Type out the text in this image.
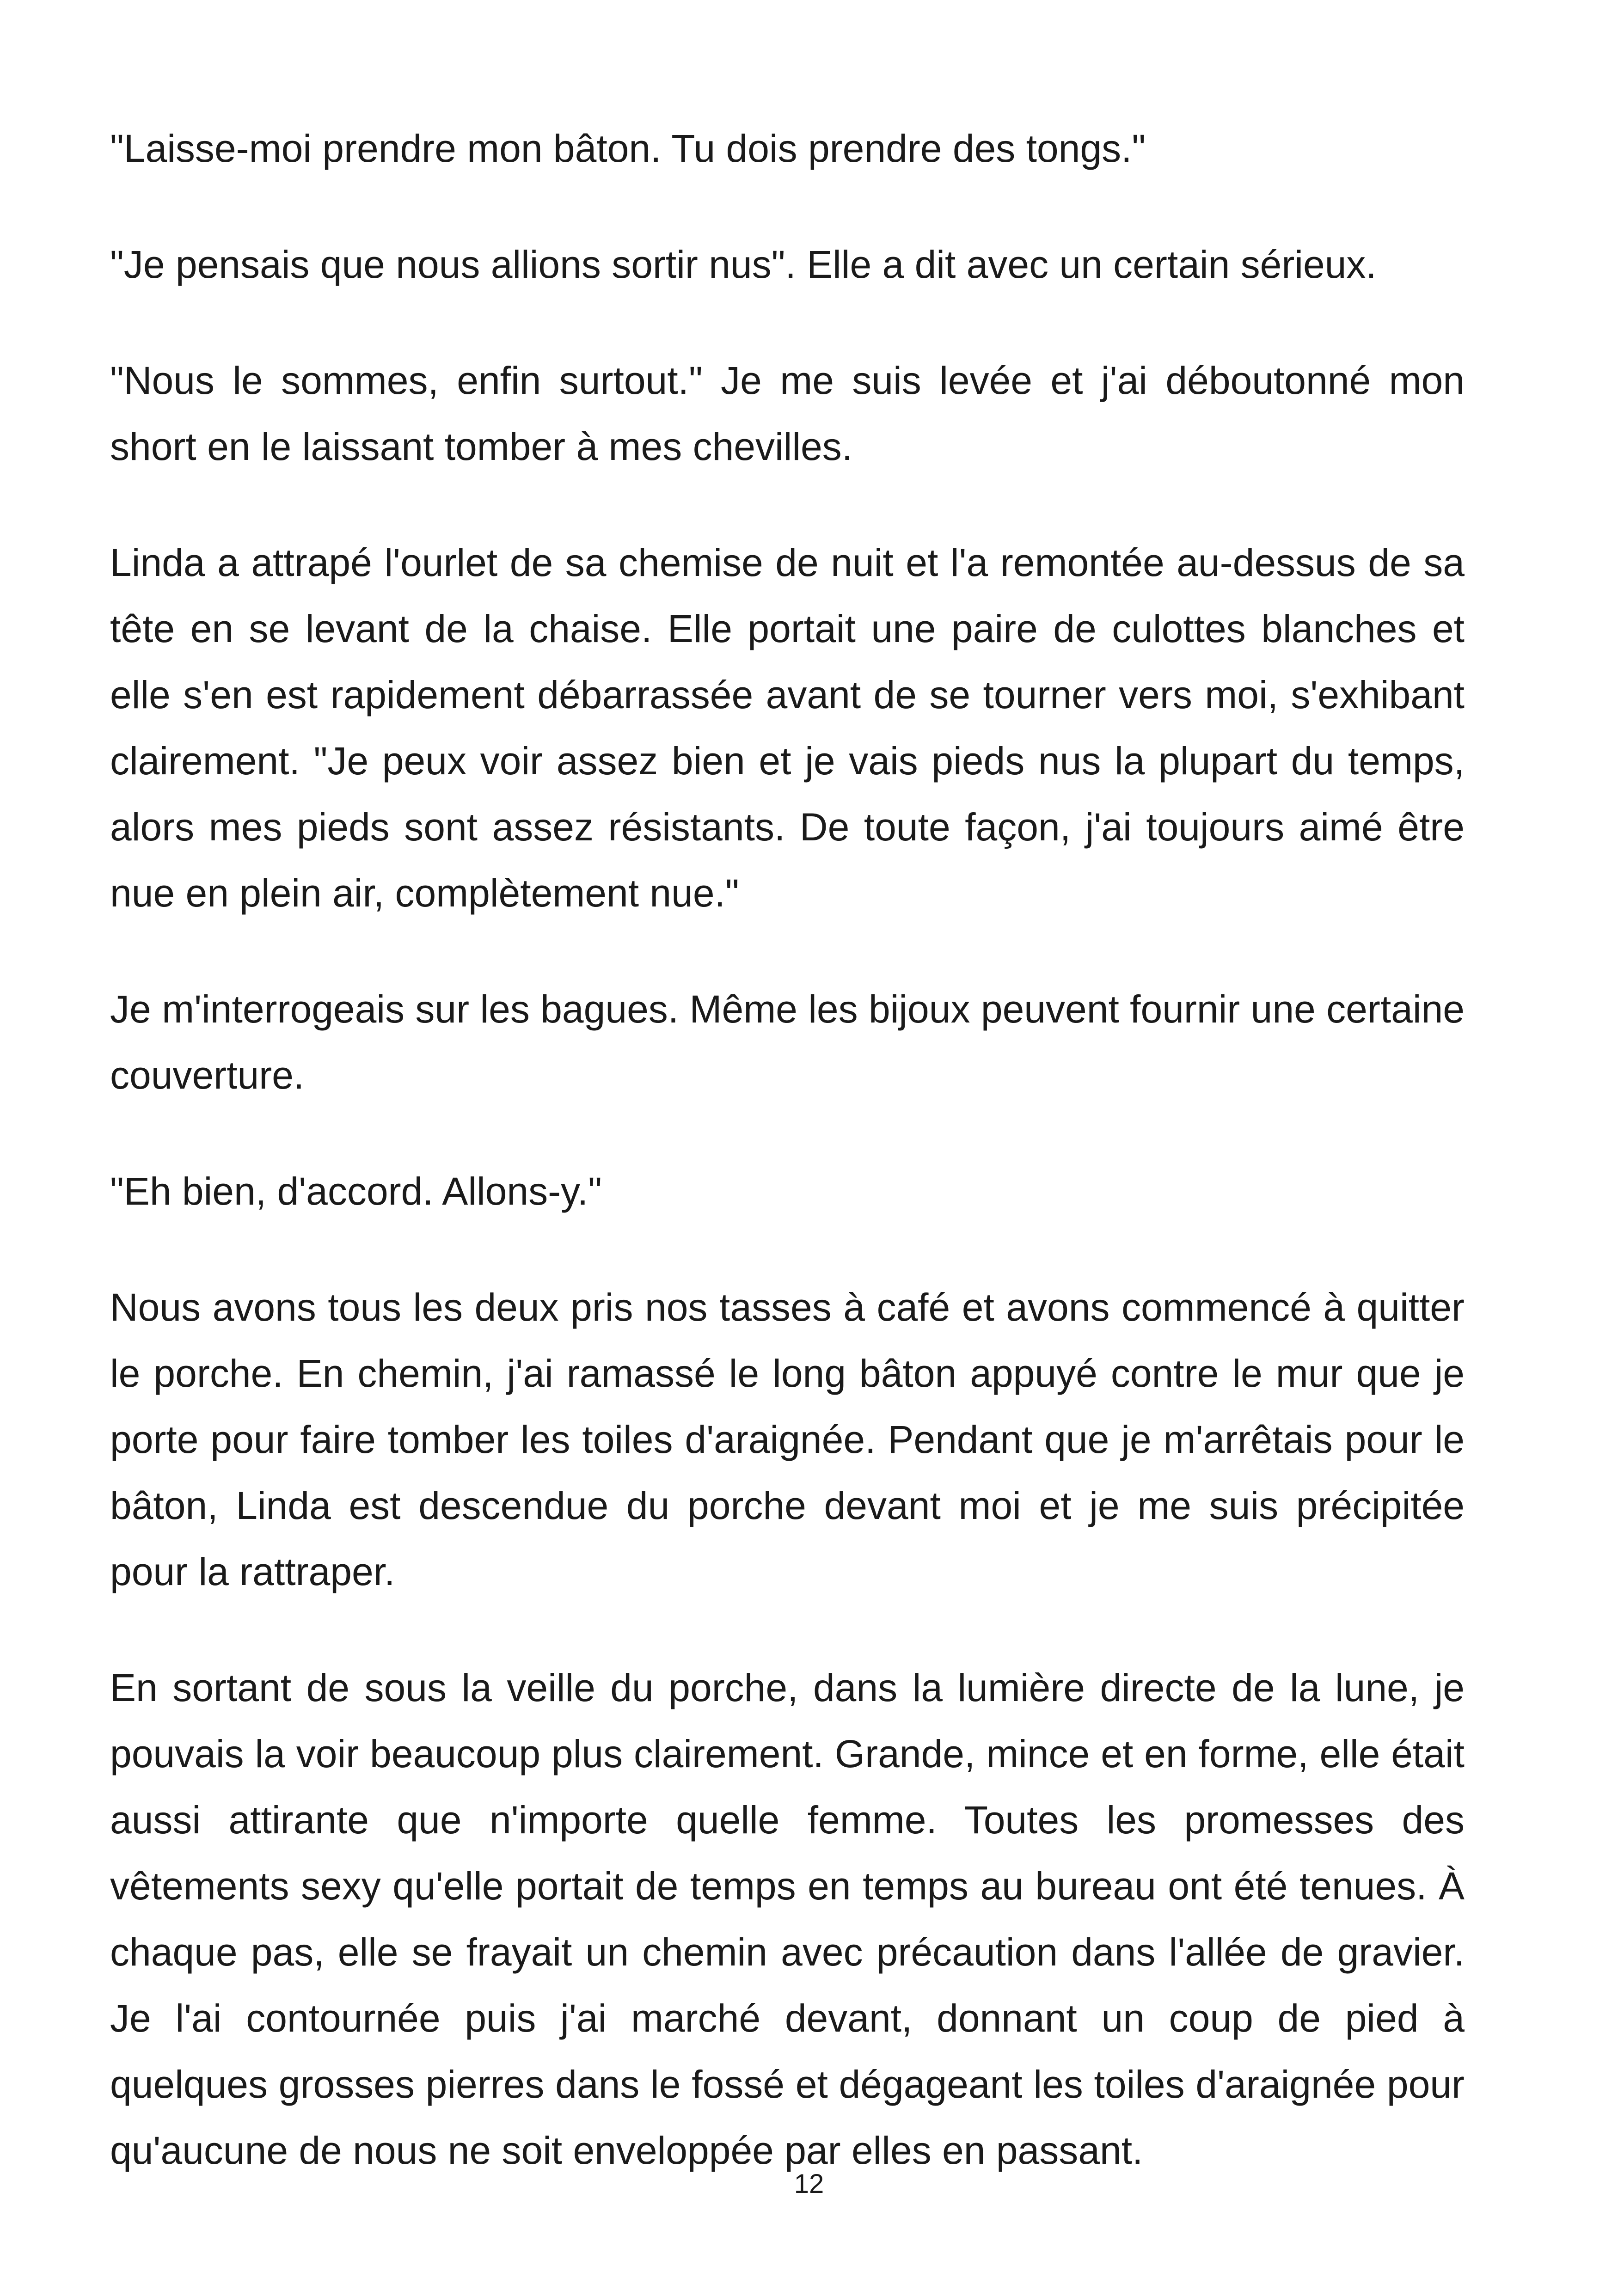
"Laisse-moi prendre mon bâton. Tu dois prendre des tongs."

"Je pensais que nous allions sortir nus". Elle a dit avec un certain sérieux.

"Nous le sommes, enfin surtout." Je me suis levée et j'ai déboutonné mon short en le laissant tomber à mes chevilles.

Linda a attrapé l'ourlet de sa chemise de nuit et l'a remontée au-dessus de sa tête en se levant de la chaise. Elle portait une paire de culottes blanches et elle s'en est rapidement débarrassée avant de se tourner vers moi, s'exhibant clairement. "Je peux voir assez bien et je vais pieds nus la plupart du temps, alors mes pieds sont assez résistants. De toute façon, j'ai toujours aimé être nue en plein air, complètement nue."

Je m'interrogeais sur les bagues. Même les bijoux peuvent fournir une certaine couverture.

"Eh bien, d'accord. Allons-y."

Nous avons tous les deux pris nos tasses à café et avons commencé à quitter le porche. En chemin, j'ai ramassé le long bâton appuyé contre le mur que je porte pour faire tomber les toiles d'araignée. Pendant que je m'arrêtais pour le bâton, Linda est descendue du porche devant moi et je me suis précipitée pour la rattraper.

En sortant de sous la veille du porche, dans la lumière directe de la lune, je pouvais la voir beaucoup plus clairement. Grande, mince et en forme, elle était aussi attirante que n'importe quelle femme. Toutes les promesses des vêtements sexy qu'elle portait de temps en temps au bureau ont été tenues. À chaque pas, elle se frayait un chemin avec précaution dans l'allée de gravier. Je l'ai contournée puis j'ai marché devant, donnant un coup de pied à quelques grosses pierres dans le fossé et dégageant les toiles d'araignée pour qu'aucune de nous ne soit enveloppée par elles en passant.

12
